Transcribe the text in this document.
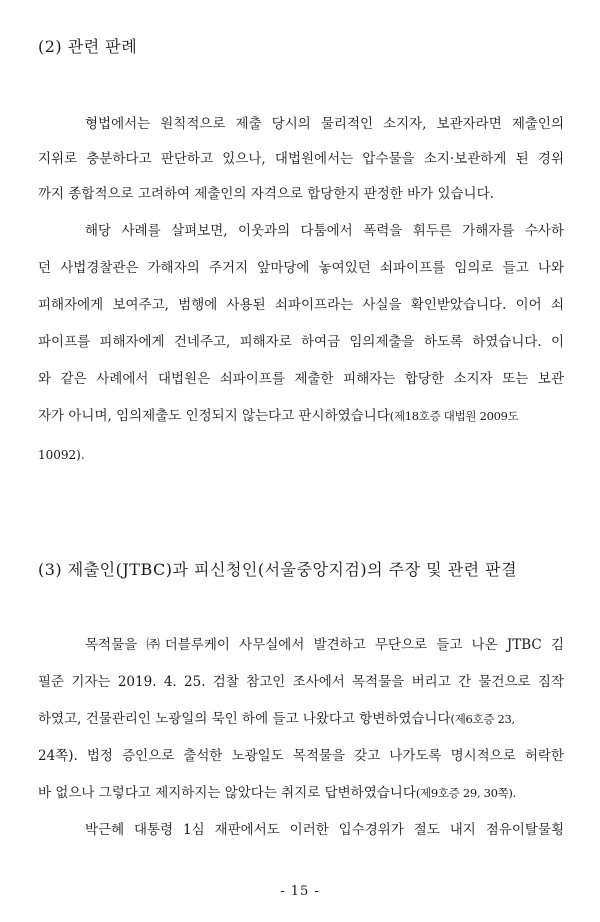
(2) 관련 판례
형법에서는 원칙적으로 제출 당시의 물리적인 소지자, 보관자라면 제출인의
지위로 충분하다고 판단하고 있으나, 대법원에서는 압수물을 소지·보관하게 된 경위
까지 종합적으로 고려하여 제출인의 자격으로 합당한지 판정한 바가 있습니다.
해당 사례를 살펴보면, 이웃과의 다툼에서 폭력을 휘두른 가해자를 수사하
던 사법경찰관은 가해자의 주거지 앞마당에 놓여있던 쇠파이프를 임의로 들고 나와
피해자에게 보여주고, 범행에 사용된 쇠파이프라는 사실을 확인받았습니다. 이어 쇠
파이프를 피해자에게 건네주고, 피해자로 하여금 임의제출을 하도록 하였습니다. 이
와 같은 사례에서 대법원은 쇠파이프를 제출한 피해자는 합당한 소지자 또는 보관
자가 아니며, 임의제출도 인정되지 않는다고 판시하였습니다(제18호증 대법원 2009도
10092).
(3) 제출인(JTBC)과 피신청인(서울중앙지검)의 주장 및 관련 판결
목적물을 ㈜더블루케이 사무실에서 발견하고 무단으로 들고 나온 JTBC 김
필준 기자는 2019. 4. 25. 검찰 참고인 조사에서 목적물을 버리고 간 물건으로 짐작
하였고, 건물관리인 노광일의 묵인 하에 들고 나왔다고 항변하였습니다(제6호증 23,
24쪽). 법정 증인으로 출석한 노광일도 목적물을 갖고 나가도록 명시적으로 허락한
바 없으나 그렇다고 제지하지는 않았다는 취지로 답변하였습니다(제9호증 29, 30쪽).
박근혜 대통령 1심 재판에서도 이러한 입수경위가 절도 내지 점유이탈물횡
- 15 -
